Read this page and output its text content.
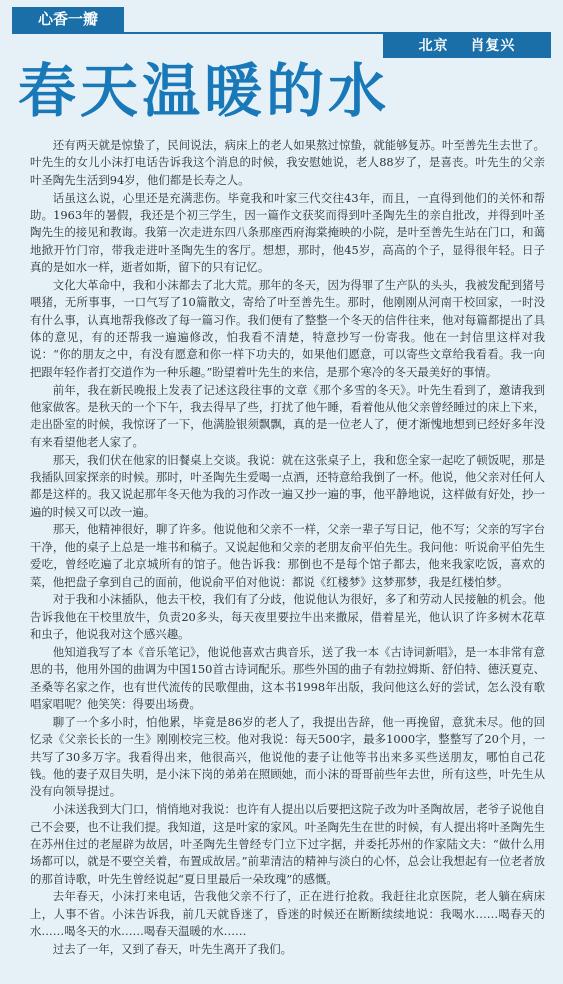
心香一瓣
北京 肖复兴
春天温暖的水

还有两天就是惊蛰了，民间说法，病床上的老人如果熬过惊蛰，就能够复苏。叶至善先生去世了。叶先生的女儿小沫打电话告诉我这个消息的时候，我安慰她说，老人88岁了，是喜丧。叶先生的父亲叶圣陶先生活到94岁，他们都是长寿之人。

话虽这么说，心里还是充满悲伤。毕竟我和叶家三代交往43年，而且，一直得到他们的关怀和帮助。1963年的暑假，我还是个初三学生，因一篇作文获奖而得到叶圣陶先生的亲自批改，并得到叶圣陶先生的接见和教诲。我第一次走进东四八条那座西府海棠掩映的小院，是叶至善先生站在门口，和蔼地掀开竹门帘，带我走进叶圣陶先生的客厅。想想，那时，他45岁，高高的个子，显得很年轻。日子真的是如水一样，逝者如斯，留下的只有记忆。

文化大革命中，我和小沫都去了北大荒。那年的冬天，因为得罪了生产队的头头，我被发配到猪号喂猪，无所事事，一口气写了10篇散文，寄给了叶至善先生。那时，他刚刚从河南干校回家，一时没有什么事，认真地帮我修改了每一篇习作。我们便有了整整一个冬天的信件往来，他对每篇都提出了具体的意见，有的还帮我一遍遍修改，怕我看不清楚，特意抄写一份寄我。他在一封信里这样对我说：“你的朋友之中，有没有愿意和你一样下功夫的，如果他们愿意，可以寄些文章给我看看。我一向把跟年轻作者打交道作为一种乐趣。”盼望着叶先生的来信，是那个寒冷的冬天最美好的事情。

前年，我在新民晚报上发表了记述这段往事的文章《那个多雪的冬天》。叶先生看到了，邀请我到他家做客。是秋天的一个下午，我去得早了些，打扰了他午睡，看着他从他父亲曾经睡过的床上下来，走出卧室的时候，我惊讶了一下，他满脸银须飘飘，真的是一位老人了，便才渐愧地想到已经好多年没有来看望他老人家了。

那天，我们伏在他家的旧餐桌上交谈。我说：就在这张桌子上，我和您全家一起吃了顿饭呢，那是我插队回家探亲的时候。那时，叶圣陶先生爱喝一点酒，还特意给我倒了一杯。他说，他父亲对任何人都是这样的。我又说起那年冬天他为我的习作改一遍又抄一遍的事，他平静地说，这样做有好处，抄一遍的时候又可以改一遍。

那天，他精神很好，聊了许多。他说他和父亲不一样，父亲一辈子写日记，他不写；父亲的写字台干净，他的桌子上总是一堆书和稿子。又说起他和父亲的老朋友俞平伯先生。我问他：听说俞平伯先生爱吃，曾经吃遍了北京城所有的馆子。他告诉我：那倒也不是每个馆子都去，他来我家吃饭，喜欢的菜，他把盘子拿到自己的面前，他说俞平伯对他说：都说《红楼梦》这梦那梦，我是红楼怕梦。

对于我和小沫插队，他去干校，我们有了分歧，他说他认为很好，多了和劳动人民接触的机会。他告诉我他在干校里放牛，负责20多头，每天夜里要拉牛出来撒尿，借着星光，他认识了许多树木花草和虫子，他说我对这个感兴趣。

他知道我写了本《音乐笔记》，他说他喜欢古典音乐，送了我一本《古诗词新唱》，是一本非常有意思的书，他用外国的曲调为中国150首古诗词配乐。那些外国的曲子有勃拉姆斯、舒伯特、德沃夏克、圣桑等名家之作，也有世代流传的民歌俚曲，这本书1998年出版，我问他这么好的尝试，怎么没有歌唱家唱呢？他笑笑：得要出场费。

聊了一个多小时，怕他累，毕竟是86岁的老人了，我提出告辞，他一再挽留，意犹未尽。他的回忆录《父亲长长的一生》刚刚校完三校。他对我说：每天500字，最多1000字，整整写了20个月，一共写了30多万字。我看得出来，他很高兴，他说他的妻子让他等书出来多买些送朋友，哪怕自己花钱。他的妻子双目失明，是小沫下岗的弟弟在照顾她，而小沫的哥哥前些年去世，所有这些，叶先生从没有向领导提过。

小沫送我到大门口，悄悄地对我说：也许有人提出以后要把这院子改为叶圣陶故居，老爷子说他自己不会要，也不让我们提。我知道，这是叶家的家风。叶圣陶先生在世的时候，有人提出将叶圣陶先生在苏州住过的老屋辟为故居，叶圣陶先生曾经专门立下过字据，并委托苏州的作家陆文夫：“做什么用场都可以，就是不要空关着，布置成故居。”前辈清洁的精神与淡白的心怀，总会让我想起有一位老者放的那首诗歌，叶先生曾经说起“夏日里最后一朵玫瑰”的感慨。

去年春天，小沫打来电话，告我他父亲不行了，正在进行抢救。我赶往北京医院，老人躺在病床上，人事不省。小沫告诉我，前几天就昏迷了，昏迷的时候还在断断续续地说：我喝水……喝春天的水……喝冬天的水……喝春天温暖的水……

过去了一年，又到了春天，叶先生离开了我们。
